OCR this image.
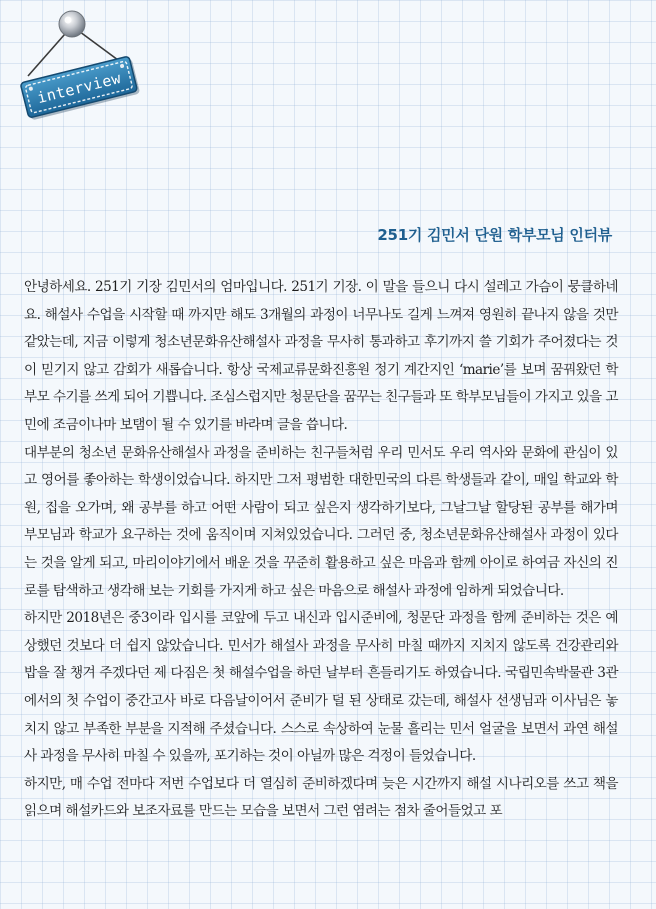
interview
251기 김민서 단원 학부모님 인터뷰

안녕하세요. 251기 기장 김민서의 엄마입니다. 251기 기장. 이 말을 들으니 다시 설레고 가슴이 뭉클하네요. 해설사 수업을 시작할 때 까지만 해도 3개월의 과정이 너무나도 길게 느껴져 영원히 끝나지 않을 것만 같았는데, 지금 이렇게 청소년문화유산해설사 과정을 무사히 통과하고 후기까지 쓸 기회가 주어졌다는 것이 믿기지 않고 감회가 새롭습니다. 항상 국제교류문화진흥원 정기 계간지인 ‘marie’를 보며 꿈꿔왔던 학부모 수기를 쓰게 되어 기쁩니다. 조심스럽지만 청문단을 꿈꾸는 친구들과 또 학부모님들이 가지고 있을 고민에 조금이나마 보탬이 될 수 있기를 바라며 글을 씁니다.

대부분의 청소년 문화유산해설사 과정을 준비하는 친구들처럼 우리 민서도 우리 역사와 문화에 관심이 있고 영어를 좋아하는 학생이었습니다. 하지만 그저 평범한 대한민국의 다른 학생들과 같이, 매일 학교와 학원, 집을 오가며, 왜 공부를 하고 어떤 사람이 되고 싶은지 생각하기보다, 그날그날 할당된 공부를 해가며 부모님과 학교가 요구하는 것에 움직이며 지쳐있었습니다. 그러던 중, 청소년문화유산해설사 과정이 있다는 것을 알게 되고, 마리이야기에서 배운 것을 꾸준히 활용하고 싶은 마음과 함께 아이로 하여금 자신의 진로를 탐색하고 생각해 보는 기회를 가지게 하고 싶은 마음으로 해설사 과정에 임하게 되었습니다.

하지만 2018년은 중3이라 입시를 코앞에 두고 내신과 입시준비에, 청문단 과정을 함께 준비하는 것은 예상했던 것보다 더 쉽지 않았습니다. 민서가 해설사 과정을 무사히 마칠 때까지 지치지 않도록 건강관리와 밥을 잘 챙겨 주겠다던 제 다짐은 첫 해설수업을 하던 날부터 흔들리기도 하였습니다. 국립민속박물관 3관에서의 첫 수업이 중간고사 바로 다음날이어서 준비가 덜 된 상태로 갔는데, 해설사 선생님과 이사님은 놓치지 않고 부족한 부분을 지적해 주셨습니다. 스스로 속상하여 눈물 흘리는 민서 얼굴을 보면서 과연 해설사 과정을 무사히 마칠 수 있을까, 포기하는 것이 아닐까 많은 걱정이 들었습니다.

하지만, 매 수업 전마다 저번 수업보다 더 열심히 준비하겠다며 늦은 시간까지 해설 시나리오를 쓰고 책을 읽으며 해설카드와 보조자료를 만드는 모습을 보면서 그런 염려는 점차 줄어들었고 포
